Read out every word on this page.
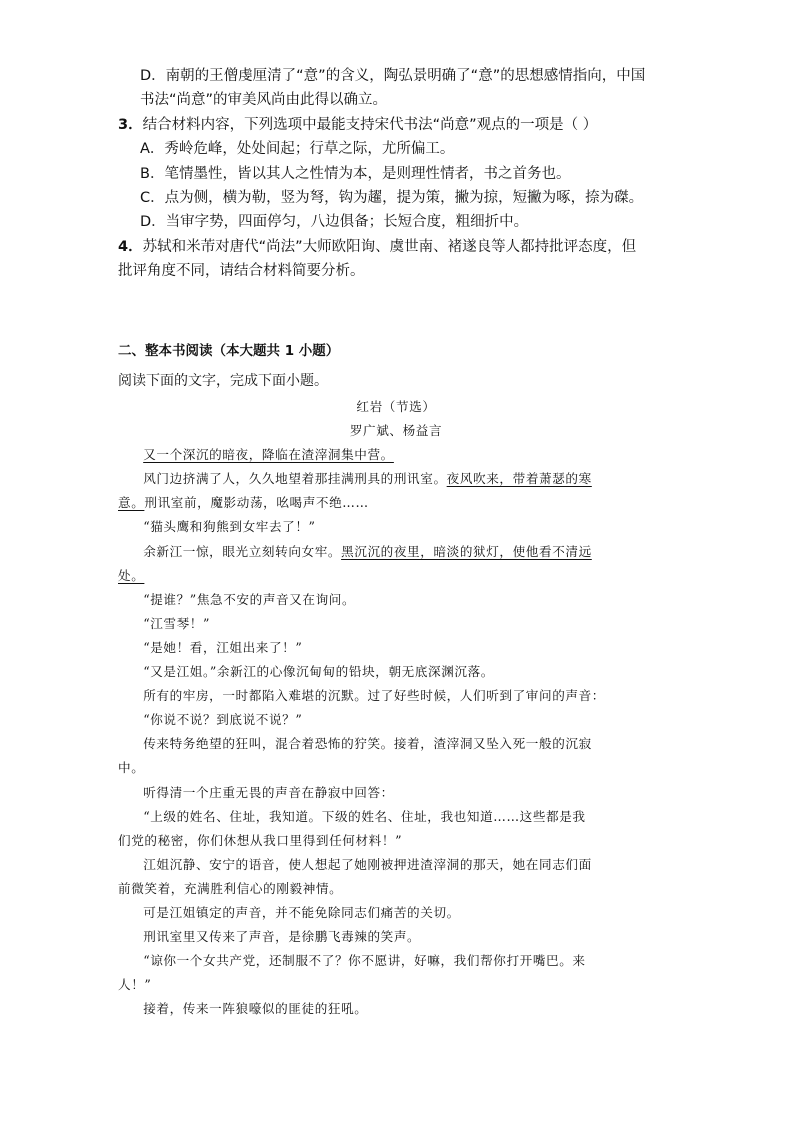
D．南朝的王僧虔厘清了“意”的含义，陶弘景明确了“意”的思想感情指向，中国

书法“尚意”的审美风尚由此得以确立。

3．结合材料内容，下列选项中最能支持宋代书法“尚意”观点的一项是（ ）

A．秀岭危峰，处处间起；行草之际，尤所偏工。

B．笔情墨性，皆以其人之性情为本，是则理性情者，书之首务也。

C．点为侧，横为勒，竖为弩，钩为趯，提为策，撇为掠，短撇为啄，捺为磔。

D．当审字势，四面停匀，八边俱备；长短合度，粗细折中。

4．苏轼和米芾对唐代“尚法”大师欧阳询、虞世南、褚遂良等人都持批评态度，但

批评角度不同，请结合材料简要分析。

二、整本书阅读（本大题共 1 小题）
阅读下面的文字，完成下面小题。

红岩（节选）

罗广斌、杨益言

又一个深沉的暗夜，降临在渣滓洞集中营。

风门边挤满了人，久久地望着那挂满刑具的刑讯室。夜风吹来，带着萧瑟的寒

意。刑讯室前，魔影动荡，吆喝声不绝……

“猫头鹰和狗熊到女牢去了！”

余新江一惊，眼光立刻转向女牢。黑沉沉的夜里，暗淡的狱灯，使他看不清远

处。

“提谁？”焦急不安的声音又在询问。

“江雪琴！”

“是她！看，江姐出来了！”

“又是江姐。”余新江的心像沉甸甸的铅块，朝无底深渊沉落。

所有的牢房，一时都陷入难堪的沉默。过了好些时候，人们听到了审问的声音：

“你说不说？到底说不说？”

传来特务绝望的狂叫，混合着恐怖的狞笑。接着，渣滓洞又坠入死一般的沉寂

中。

听得清一个庄重无畏的声音在静寂中回答：

“上级的姓名、住址，我知道。下级的姓名、住址，我也知道……这些都是我

们党的秘密，你们休想从我口里得到任何材料！”

江姐沉静、安宁的语音，使人想起了她刚被押进渣滓洞的那天，她在同志们面

前微笑着，充满胜利信心的刚毅神情。

可是江姐镇定的声音，并不能免除同志们痛苦的关切。

刑讯室里又传来了声音，是徐鹏飞毒辣的笑声。

“谅你一个女共产党，还制服不了？你不愿讲，好嘛，我们帮你打开嘴巴。来

人！”

接着，传来一阵狼嚎似的匪徒的狂吼。
